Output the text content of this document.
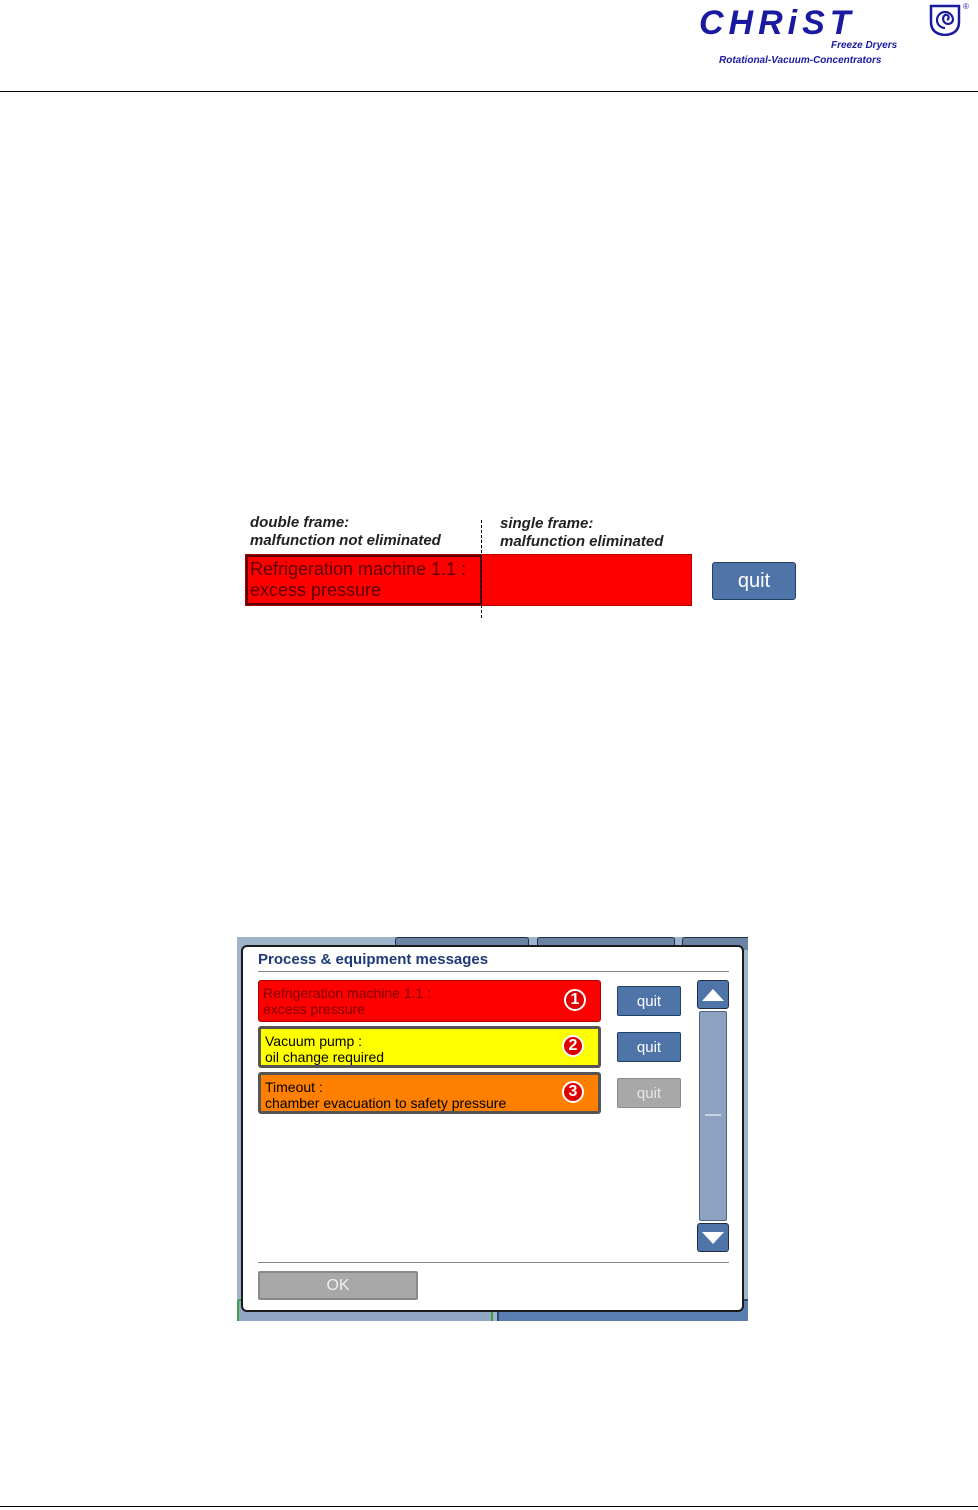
CHRiST	®
Freeze Dryers
Rotational-Vacuum-Concentrators
double frame:
malfunction not eliminated
single frame:
malfunction eliminated
Refrigeration machine 1.1 :
excess pressure	quit
Process & equipment messages
Refrigeration machine 1.1 :
excess pressure
1	quit
Vacuum pump :
oil change required
2	quit
Timeout :
chamber evacuation to safety pressure
3	quit
OK
